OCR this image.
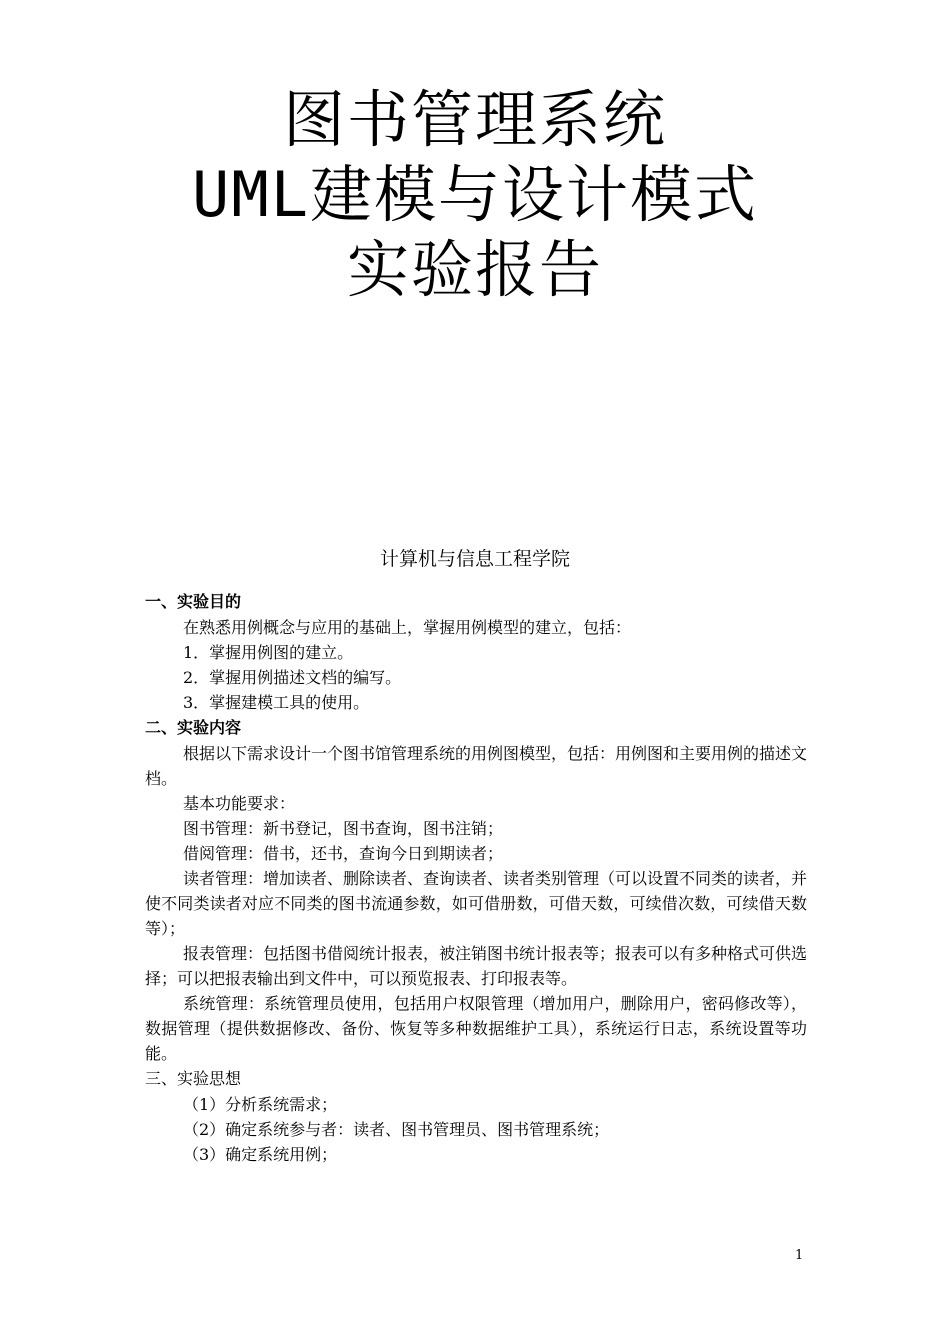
图书管理系统
UML建模与设计模式
实验报告
计算机与信息工程学院

一、实验目的

在熟悉用例概念与应用的基础上，掌握用例模型的建立，包括：

1．掌握用例图的建立。

2．掌握用例描述文档的编写。

3．掌握建模工具的使用。

二、实验内容

根据以下需求设计一个图书馆管理系统的用例图模型，包括：用例图和主要用例的描述文档。

基本功能要求：

图书管理：新书登记，图书查询，图书注销；

借阅管理：借书，还书，查询今日到期读者；

读者管理：增加读者、删除读者、查询读者、读者类别管理（可以设置不同类的读者，并使不同类读者对应不同类的图书流通参数，如可借册数，可借天数，可续借次数，可续借天数等）；

报表管理：包括图书借阅统计报表，被注销图书统计报表等；报表可以有多种格式可供选择；可以把报表输出到文件中，可以预览报表、打印报表等。

系统管理：系统管理员使用，包括用户权限管理（增加用户，删除用户，密码修改等），数据管理（提供数据修改、备份、恢复等多种数据维护工具），系统运行日志，系统设置等功能。

三、实验思想

（1）分析系统需求；

（2）确定系统参与者：读者、图书管理员、图书管理系统；

（3）确定系统用例；

1
